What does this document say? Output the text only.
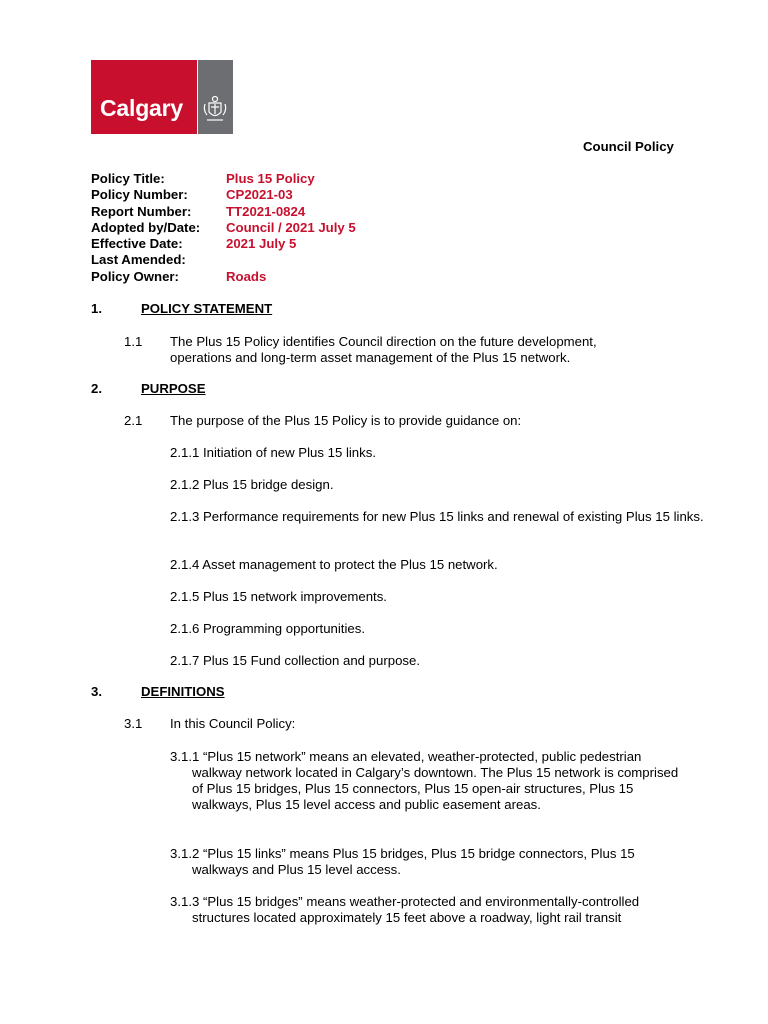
Calgary
Council Policy
Policy Title:	Plus 15 Policy
Policy Number:	CP2021-03
Report Number:	TT2021-0824
Adopted by/Date: Council / 2021 July 5
Effective Date:	2021 July 5
Last Amended:
Policy Owner:	Roads
1.	POLICY STATEMENT
1.1 The Plus 15 Policy identifies Council direction on the future development, operations and long-term asset management of the Plus 15 network.
2.	PURPOSE
2.1 The purpose of the Plus 15 Policy is to provide guidance on:
2.1.1 Initiation of new Plus 15 links.
2.1.2 Plus 15 bridge design.
2.1.3 Performance requirements for new Plus 15 links and renewal of existing Plus 15 links.
2.1.4 Asset management to protect the Plus 15 network.
2.1.5 Plus 15 network improvements.
2.1.6 Programming opportunities.
2.1.7 Plus 15 Fund collection and purpose.
3.	DEFINITIONS
3.1 In this Council Policy:
3.1.1 “Plus 15 network” means an elevated, weather-protected, public pedestrian walkway network located in Calgary’s downtown. The Plus 15 network is comprised of Plus 15 bridges, Plus 15 connectors, Plus 15 open-air structures, Plus 15 walkways, Plus 15 level access and public easement areas.
3.1.2 “Plus 15 links” means Plus 15 bridges, Plus 15 bridge connectors, Plus 15 walkways and Plus 15 level access.
3.1.3 “Plus 15 bridges” means weather-protected and environmentally-controlled structures located approximately 15 feet above a roadway, light rail transit
